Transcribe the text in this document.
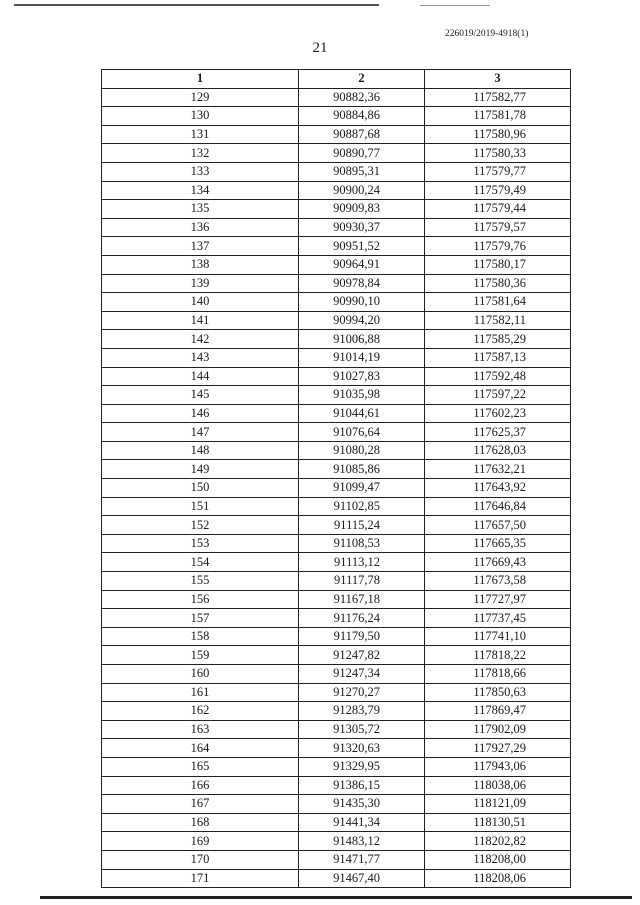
226019/2019-4918(1)
21
1	2	3
129	90882,36	117582,77
130	90884,86	117581,78
131	90887,68	117580,96
132	90890,77	117580,33
133	90895,31	117579,77
134	90900,24	117579,49
135	90909,83	117579,44
136	90930,37	117579,57
137	90951,52	117579,76
138	90964,91	117580,17
139	90978,84	117580,36
140	90990,10	117581,64
141	90994,20	117582,11
142	91006,88	117585,29
143	91014,19	117587,13
144	91027,83	117592,48
145	91035,98	117597,22
146	91044,61	117602,23
147	91076,64	117625,37
148	91080,28	117628,03
149	91085,86	117632,21
150	91099,47	117643,92
151	91102,85	117646,84
152	91115,24	117657,50
153	91108,53	117665,35
154	91113,12	117669,43
155	91117,78	117673,58
156	91167,18	117727,97
157	91176,24	117737,45
158	91179,50	117741,10
159	91247,82	117818,22
160	91247,34	117818,66
161	91270,27	117850,63
162	91283,79	117869,47
163	91305,72	117902,09
164	91320,63	117927,29
165	91329,95	117943,06
166	91386,15	118038,06
167	91435,30	118121,09
168	91441,34	118130,51
169	91483,12	118202,82
170	91471,77	118208,00
171	91467,40	118208,06
